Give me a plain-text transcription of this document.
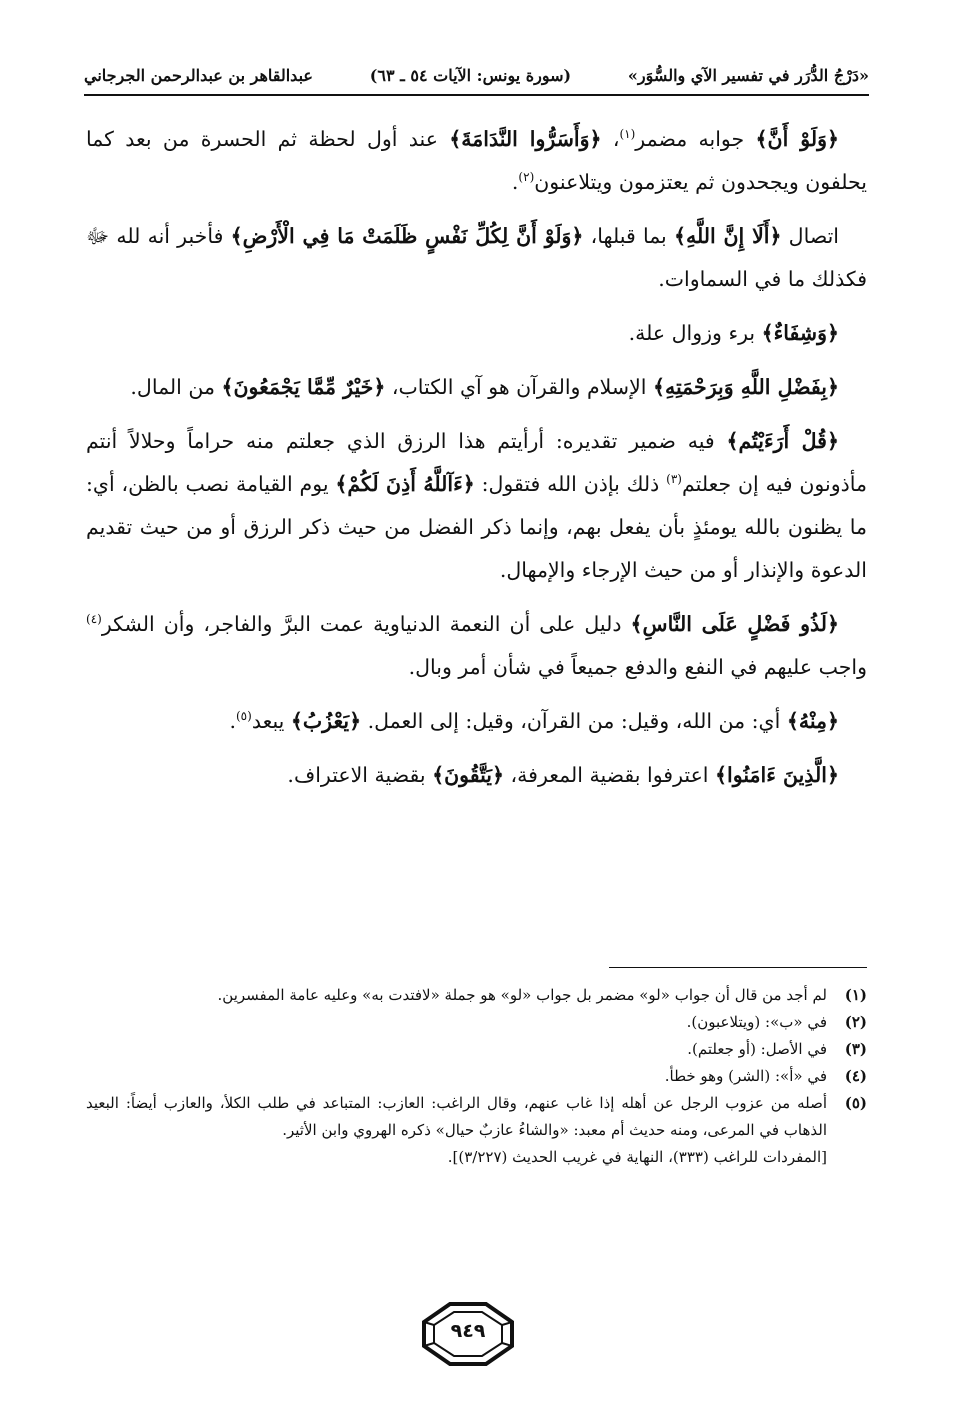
«دَرْجُ الدُّرَر في تفسير الآي والسُّوَر»
(سورة يونس: الآيات ٥٤ ـ ٦٣)
عبدالقاهر بن عبدالرحمن الجرجاني

﴿وَلَوْ أَنَّ﴾ جوابه مضمر$^{(١)}$، ﴿وَأَسَرُّوا النَّدَامَةَ﴾ عند أول لحظة ثم الحسرة من بعد كما يحلفون ويجحدون ثم يعتزمون ويتلاعنون$^{(٢)}$.

اتصال ﴿أَلَا إِنَّ اللَّهِ﴾ بما قبلها، ﴿وَلَوْ أَنَّ لِكُلِّ نَفْسٍ ظَلَمَتْ مَا فِي الْأَرْضِ﴾ فأخبر أنه لله ﷻ فكذلك ما في السماوات.

﴿وَشِفَاءٌ﴾ برء وزوال علة.

﴿بِفَضْلِ اللَّهِ وَبِرَحْمَتِهِ﴾ الإسلام والقرآن هو آي الكتاب، ﴿خَيْرٌ مِّمَّا يَجْمَعُونَ﴾ من المال.

﴿قُلْ أَرَءَيْتُم﴾ فيه ضمير تقديره: أرأيتم هذا الرزق الذي جعلتم منه حراماً وحلالاً أنتم مأذونون فيه إن جعلتم$^{(٣)}$ ذلك بإذن الله فتقول: ﴿ءَآللَّهُ أَذِنَ لَكُمْ﴾ يوم القيامة نصب بالظن، أي: ما يظنون بالله يومئذٍ بأن يفعل بهم، وإنما ذكر الفضل من حيث ذكر الرزق أو من حيث تقديم الدعوة والإنذار أو من حيث الإرجاء والإمهال.

﴿لَذُو فَضْلٍ عَلَى النَّاسِ﴾ دليل على أن النعمة الدنياوية عمت البرَّ والفاجر، وأن الشكر$^{(٤)}$ واجب عليهم في النفع والدفع جميعاً في شأن أمر وبال.

﴿مِنْهُ﴾ أي: من الله، وقيل: من القرآن، وقيل: إلى العمل. ﴿يَعْزُبُ﴾ يبعد$^{(٥)}$.

﴿الَّذِينَ ءَامَنُوا﴾ اعترفوا بقضية المعرفة، ﴿يَتَّقُونَ﴾ بقضية الاعتراف.

(١)
لم أجد من قال أن جواب «لو» مضمر بل جواب «لو» هو جملة «لافتدت به» وعليه عامة المفسرين.
(٢)
في «ب»: (ويتلاعبون).
(٣)
في الأصل: (أو جعلتم).
(٤)
في «أ»: (الشر) وهو خطأ.
(٥)
أصله من عزوب الرجل عن أهله إذا غاب عنهم، وقال الراغب: العازب: المتباعد في طلب الكلأ، والعازب أيضاً: البعيد الذهاب في المرعى، ومنه حديث أم معبد: «والشاءُ عازبٌ حيال» ذكره الهروي وابن الأثير.
[المفردات للراغب (٣٣٣)، النهاية في غريب الحديث (٣/٢٢٧)].
٩٤٩
